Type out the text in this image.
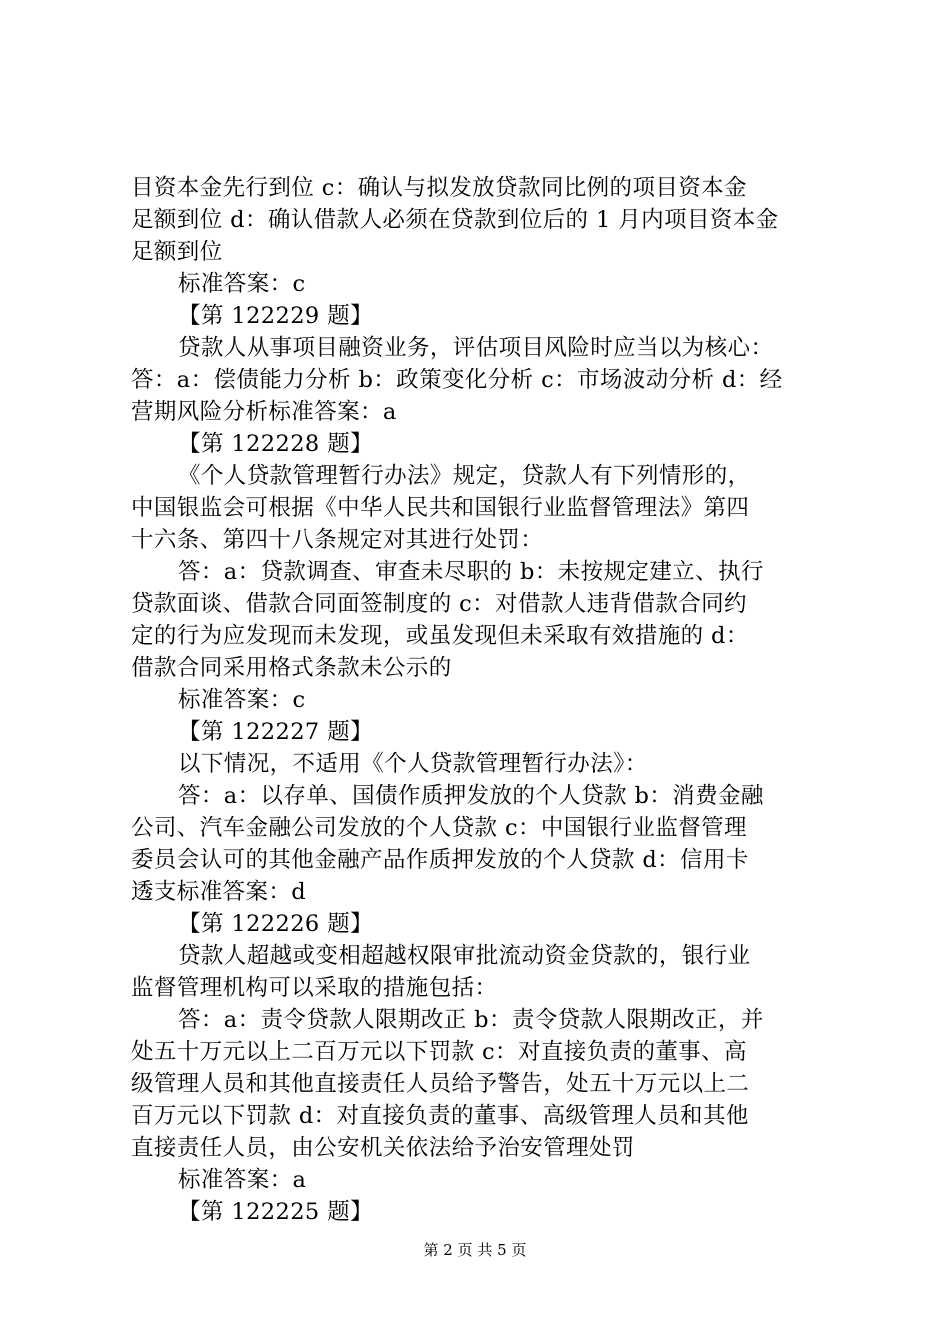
目资本金先行到位 c：确认与拟发放贷款同比例的项目资本金
足额到位 d：确认借款人必须在贷款到位后的 1 月内项目资本金
足额到位
标准答案：c
【第 122229 题】
贷款人从事项目融资业务，评估项目风险时应当以为核心：
答：a：偿债能力分析 b：政策变化分析 c：市场波动分析 d：经
营期风险分析标准答案：a
【第 122228 题】
《个人贷款管理暂行办法》规定，贷款人有下列情形的，
中国银监会可根据《中华人民共和国银行业监督管理法》第四
十六条、第四十八条规定对其进行处罚：
答：a：贷款调查、审查未尽职的 b：未按规定建立、执行
贷款面谈、借款合同面签制度的 c：对借款人违背借款合同约
定的行为应发现而未发现，或虽发现但未采取有效措施的 d：
借款合同采用格式条款未公示的
标准答案：c
【第 122227 题】
以下情况，不适用《个人贷款管理暂行办法》：
答：a：以存单、国债作质押发放的个人贷款 b：消费金融
公司、汽车金融公司发放的个人贷款 c：中国银行业监督管理
委员会认可的其他金融产品作质押发放的个人贷款 d：信用卡
透支标准答案：d
【第 122226 题】
贷款人超越或变相超越权限审批流动资金贷款的，银行业
监督管理机构可以采取的措施包括：
答：a：责令贷款人限期改正 b：责令贷款人限期改正，并
处五十万元以上二百万元以下罚款 c：对直接负责的董事、高
级管理人员和其他直接责任人员给予警告，处五十万元以上二
百万元以下罚款 d：对直接负责的董事、高级管理人员和其他
直接责任人员，由公安机关依法给予治安管理处罚
标准答案：a
【第 122225 题】
第 2 页 共 5 页
